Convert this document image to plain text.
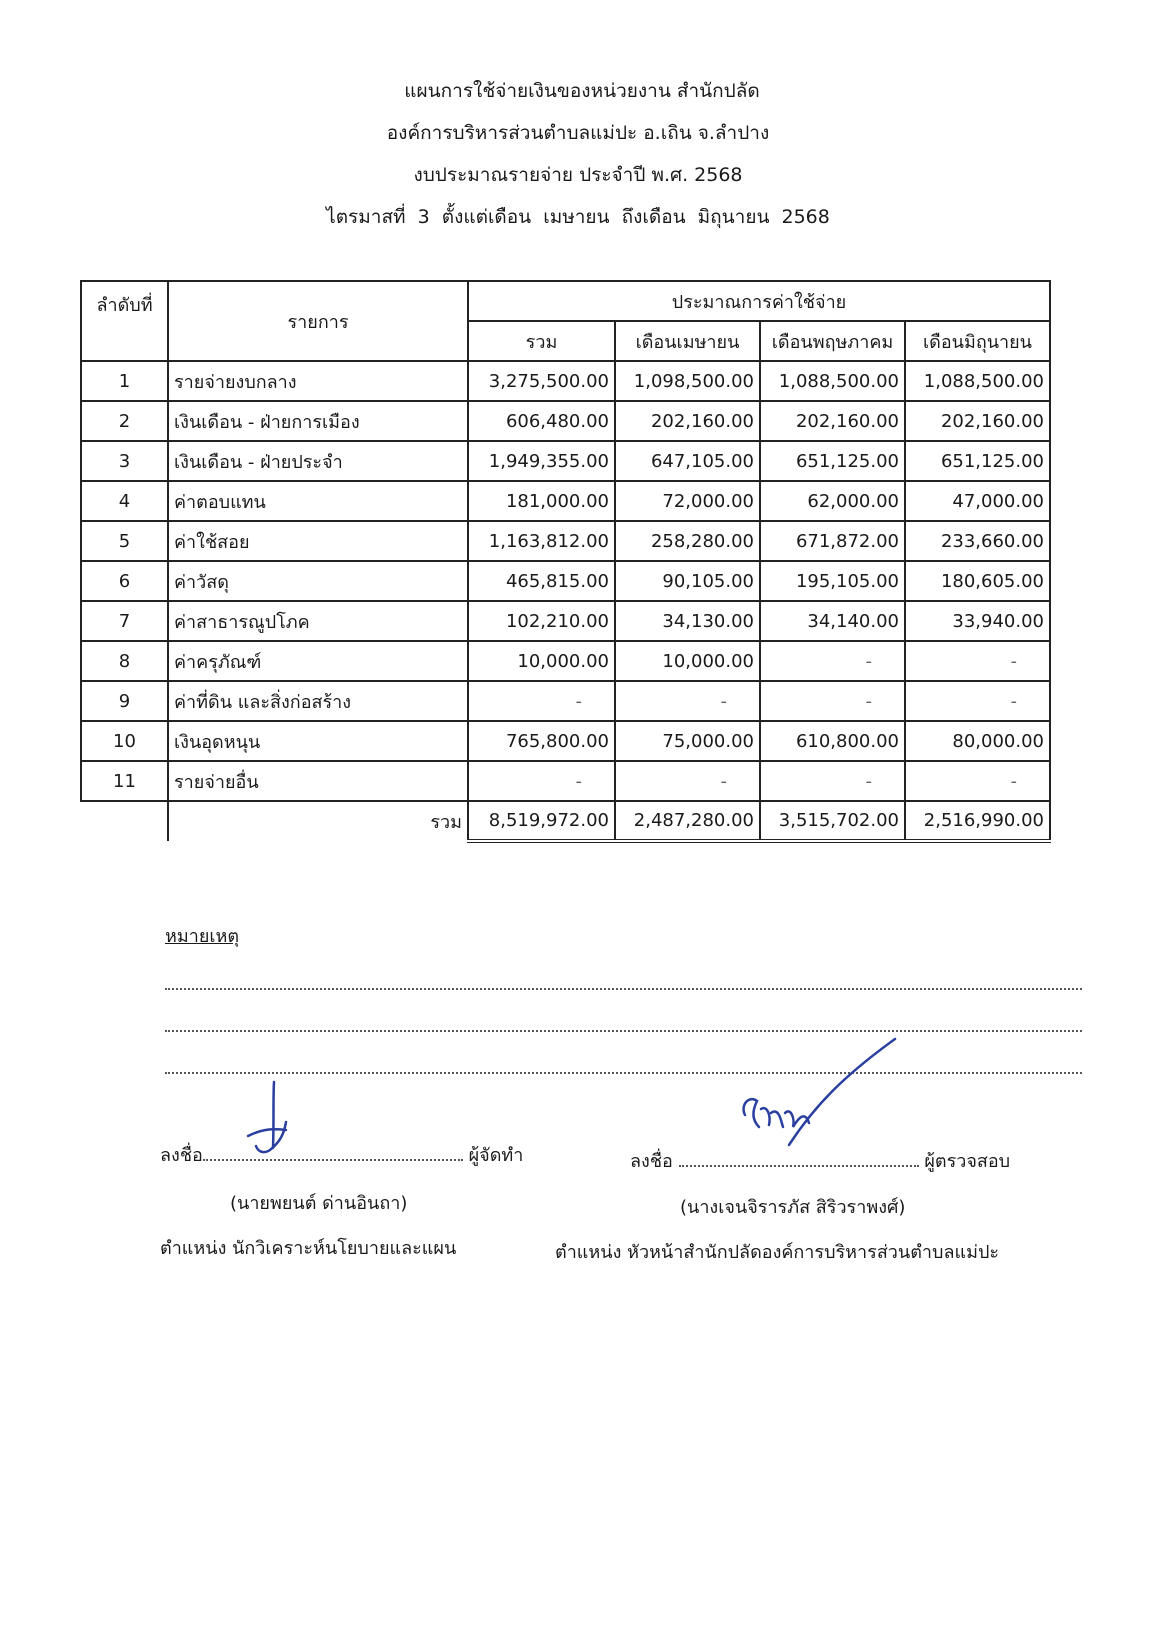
แผนการใช้จ่ายเงินของหน่วยงาน สำนักปลัด
องค์การบริหารส่วนตำบลแม่ปะ อ.เถิน จ.ลำปาง
งบประมาณรายจ่าย ประจำปี พ.ศ. 2568
ไตรมาสที่ 3 ตั้งแต่เดือน เมษายน ถึงเดือน มิถุนายน 2568
ลำดับที่	รายการ	ประมาณการค่าใช้จ่าย			
		รวม	เดือนเมษายน	เดือนพฤษภาคม	เดือนมิถุนายน
1	รายจ่ายงบกลาง	3,275,500.00	1,098,500.00	1,088,500.00	1,088,500.00
2	เงินเดือน - ฝ่ายการเมือง	606,480.00	202,160.00	202,160.00	202,160.00
3	เงินเดือน - ฝ่ายประจำ	1,949,355.00	647,105.00	651,125.00	651,125.00
4	ค่าตอบแทน	181,000.00	72,000.00	62,000.00	47,000.00
5	ค่าใช้สอย	1,163,812.00	258,280.00	671,872.00	233,660.00
6	ค่าวัสดุ	465,815.00	90,105.00	195,105.00	180,605.00
7	ค่าสาธารณูปโภค	102,210.00	34,130.00	34,140.00	33,940.00
8	ค่าครุภัณฑ์	10,000.00	10,000.00	-	-
9	ค่าที่ดิน และสิ่งก่อสร้าง	-	-	-	-
10	เงินอุดหนุน	765,800.00	75,000.00	610,800.00	80,000.00
11	รายจ่ายอื่น	-	-	-	-
	รวม	8,519,972.00	2,487,280.00	3,515,702.00	2,516,990.00
หมายเหตุ
ลงชื่อ	ผู้จัดทำ
(นายพยนต์ ด่านอินถา)
ตำแหน่ง นักวิเคราะห์นโยบายและแผน
ลงชื่อ	ผู้ตรวจสอบ
(นางเจนจิรารภัส สิริวราพงศ์)
ตำแหน่ง หัวหน้าสำนักปลัดองค์การบริหารส่วนตำบลแม่ปะ
